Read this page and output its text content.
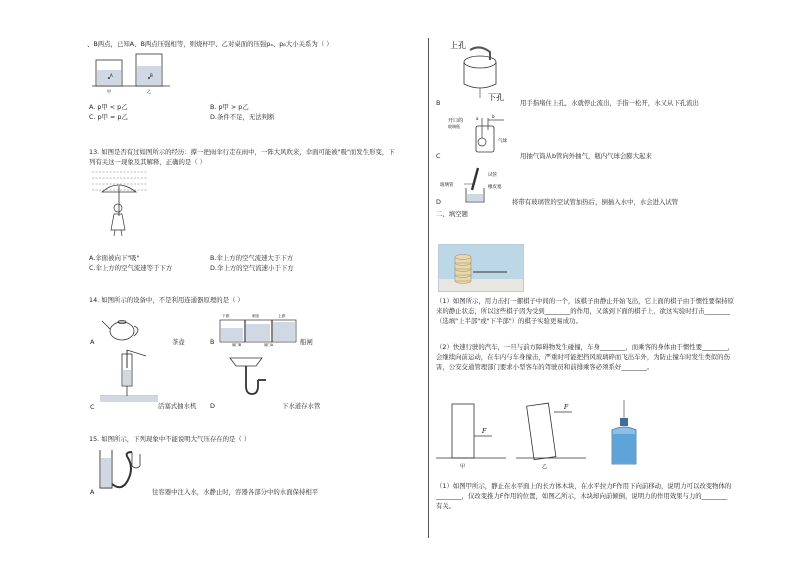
、B两点，已知A、B两点压强相等，则烧杯甲、乙对桌面的压强pₐ、pᵦ大小关系为（ ）
A	B
甲	乙
A. p甲 < p乙	B. p甲 > p乙
C. p甲 = p乙	D.条件不足，无法判断
13. 如图是否有过如图所示的经历：撑一把雨伞行走在雨中，一阵大风吹来，伞面可能被"吸"而发生形变，下
列有关这一现象及其解释，正确的是（ ）
A.伞面被向下"吸"	B.伞上方的空气流速大于下方
C.伞上方的空气流速等于下方	D.伞上方的空气流速小于下方
14. 如图所示的设备中，不是利用连通器原理的是（ ）
A	茶壶
下游	闸室	上游
阀门B	阀门A
B	船闸
C	活塞式抽水机 D	下水道存水管
15. 如图所示，下列现象中不能说明大气压存在的是（ ）
A	往容器中注入水，水静止时，容器各部分中的水面保持相平
上孔
下孔
B	用手指堵住上孔，水就停止流出，手指一松开，水又从下孔流出
开口的
玻璃瓶
a	b
气球
C	用抽气筒从b管向外抽气，瓶内气球会膨大起来
试管
玻璃管	橡皮塞
D	将带有玻璃管的空试管加热后，倒插入水中，水会进入试管
二、填空题
（1）如图所示，用力击打一摞棋子中间的一个，该棋子由静止开始飞出，它上面的棋子由于惯性要保持原
来的静止状态，所以这些棋子因为受到________的作用，又落到下面的棋子上，欲这实验时打击________
（选填"上半部"或"下半部"）的棋子实验更易成功。
（2）快速行驶的汽车，一旦与前方障碍物发生碰撞，车身________，而乘客的身体由于惯性要________，
会继续向前运动，在车内与车身撞击，严重时可能把挡风玻璃碎而飞出车外，为防止撞车时发生类似的伤
害，公安交通管理部门要求小型客车的驾驶员和前排乘客必须系好________。
F
甲
F
乙
（1）如图甲所示，静止在水平面上的长方体木块，在水平拉力F作用下向前移动，说明力可以改变物体的
________，仅改变推力F作用的位置，如图乙所示，木块却向前倾倒，说明力的作用效果与力的________
有关。
